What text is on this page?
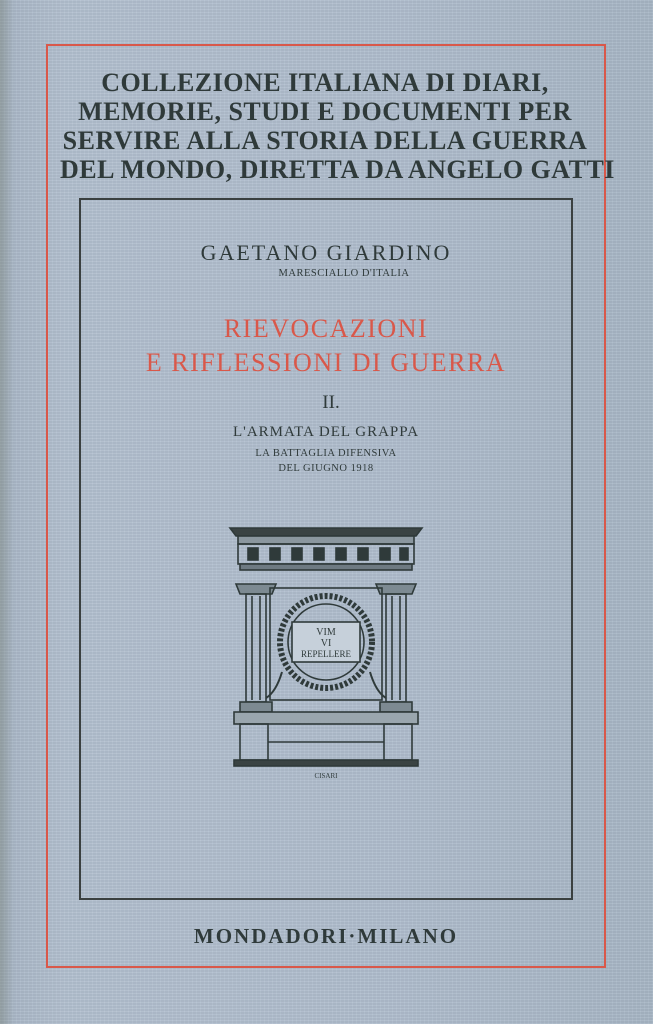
COLLEZIONE ITALIANA DI DIARI,
MEMORIE, STUDI E DOCUMENTI PER
SERVIRE ALLA STORIA DELLA GUERRA
DEL MONDO, DIRETTA DA ANGELO GATTI
GAETANO GIARDINO
MARESCIALLO D'ITALIA
RIEVOCAZIONI
E RIFLESSIONI DI GUERRA
II.
L'ARMATA DEL GRAPPA
LA BATTAGLIA DIFENSIVA
DEL GIUGNO 1918
VIM
VI
REPELLERE
CISARI
MONDADORI·MILANO
